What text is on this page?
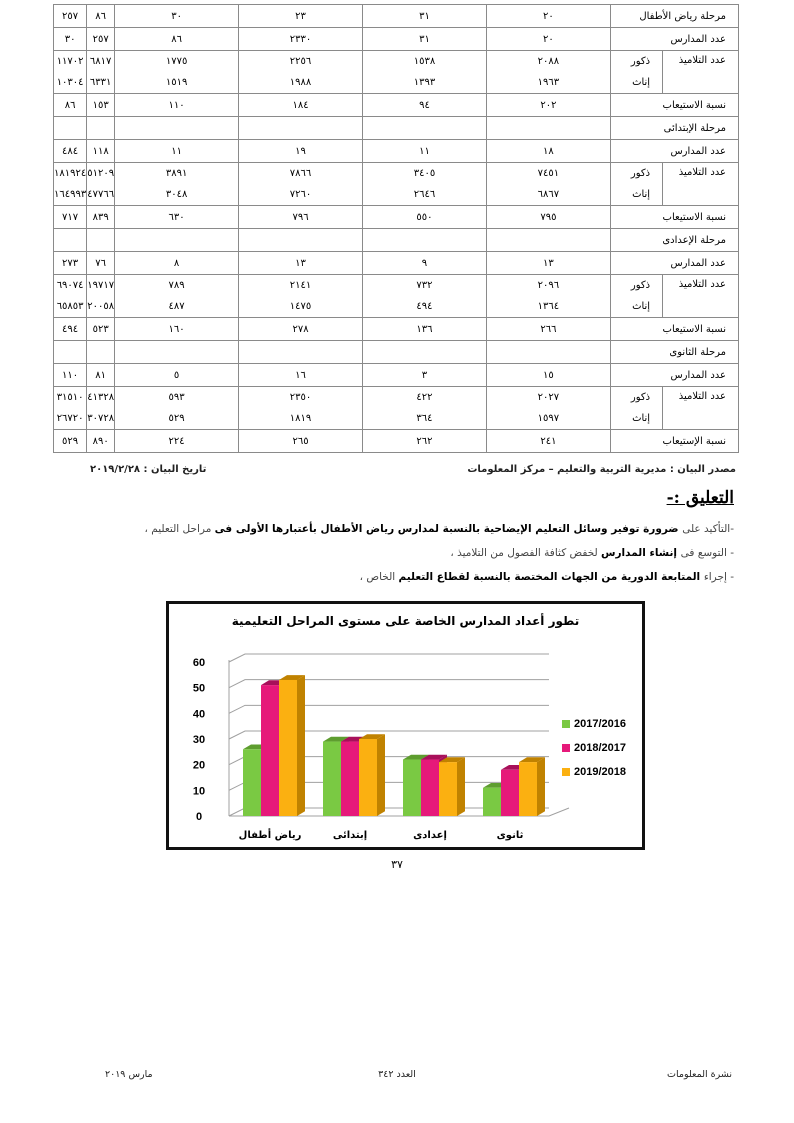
مرحلة رياض الأطفال		٢٠	٣١	٢٣	٣٠	٨٦	٢٥٧
عدد المدارس		٢٠	٣١	٢٣٣٠	٨٦	٢٥٧	٣٠
عدد التلاميذ	ذكور	٢٠٨٨	١٥٣٨	٢٢٥٦	١٧٧٥	٦٨١٧	١١٧٠٢
	إناث	١٩٦٣	١٣٩٣	١٩٨٨	١٥١٩	٦٣٣١	١٠٣٠٤
نسبة الاستيعاب		٢٠٢	٩٤	١٨٤	١١٠	١٥٣	٨٦
مرحلة الإبتدائى							
عدد المدارس		١٨	١١	١٩	١١	١١٨	٤٨٤
عدد التلاميذ	ذكور	٧٤٥١	٣٤٠٥	٧٨٦٦	٣٨٩١	٥١٢٠٩	١٨١٩٢٤
	إناث	٦٨٦٧	٢٦٤٦	٧٢٦٠	٣٠٤٨	٤٧٧٦٦	١٦٤٩٩٣
نسبة الاستيعاب		٧٩٥	٥٥٠	٧٩٦	٦٣٠	٨٣٩	٧١٧
مرحلة الإعدادى							
عدد المدارس		١٣	٩	١٣	٨	٧٦	٢٧٣
عدد التلاميذ	ذكور	٢٠٩٦	٧٣٢	٢١٤١	٧٨٩	١٩٧١٧	٦٩٠٧٤
	إناث	١٣٦٤	٤٩٤	١٤٧٥	٤٨٧	٢٠٠٥٨	٦٥٨٥٣
نسبة الاستيعاب		٢٦٦	١٣٦	٢٧٨	١٦٠	٥٢٣	٤٩٤
مرحلة الثانوى							
عدد المدارس		١٥	٣	١٦	٥	٨١	١١٠
عدد التلاميذ	ذكور	٢٠٢٧	٤٢٢	٢٣٥٠	٥٩٣	٤١٣٢٨	٣١٥١٠
	إناث	١٥٩٧	٣٦٤	١٨١٩	٥٢٩	٣٠٧٢٨	٢٦٧٢٠
نسبة الإستيعاب		٢٤١	٢٦٢	٢٦٥	٢٢٤	٨٩٠	٥٢٩
مصدر البيان : مديرية التربية والتعليم – مركز المعلومات
تاريخ البيان : ٢٠١٩/٢/٢٨
التعليق :-
-التأكيد على ضرورة توفير وسائل التعليم الإيضاحية بالنسبة لمدارس رياض الأطفال بأعتبارها الأولى فى مراحل التعليم ،
- التوسع فى إنشاء المدارس لخفض كثافة الفصول من التلاميذ ،
- إجراء المتابعة الدورية من الجهات المختصة بالنسبة لقطاع التعليم الخاص ،
تطور أعداد المدارس الخاصة على مستوى المراحل التعليمية
0
10
20
30
40
50
60
رياض أطفال	إبتدائى	إعدادى	ثانوى
2017/2016
2018/2017
2019/2018
٣٧
نشرة المعلومات
العدد ٣٤٢
مارس ٢٠١٩
